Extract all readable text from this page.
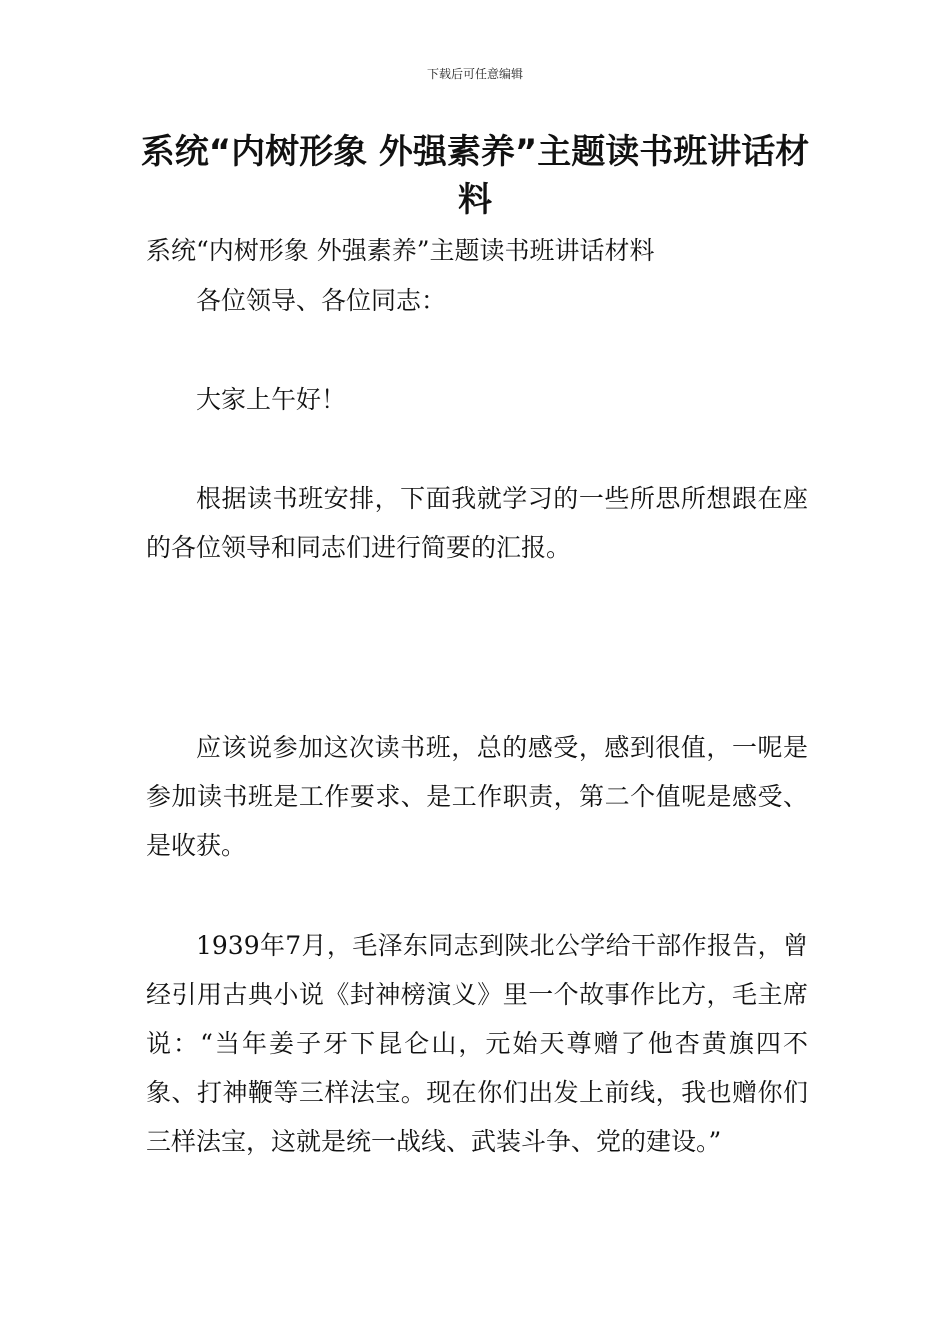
下载后可任意编辑
系统“内树形象 外强素养”主题读书班讲话材料

系统“内树形象 外强素养”主题读书班讲话材料

各位领导、各位同志：

大家上午好！

根据读书班安排，下面我就学习的一些所思所想跟在座的各位领导和同志们进行简要的汇报。

应该说参加这次读书班，总的感受，感到很值，一呢是参加读书班是工作要求、是工作职责，第二个值呢是感受、是收获。

1939年7月，毛泽东同志到陕北公学给干部作报告，曾经引用古典小说《封神榜演义》里一个故事作比方，毛主席说：“当年姜子牙下昆仑山，元始天尊赠了他杏黄旗四不象、打神鞭等三样法宝。现在你们出发上前线，我也赠你们三样法宝，这就是统一战线、武装斗争、党的建设。”
